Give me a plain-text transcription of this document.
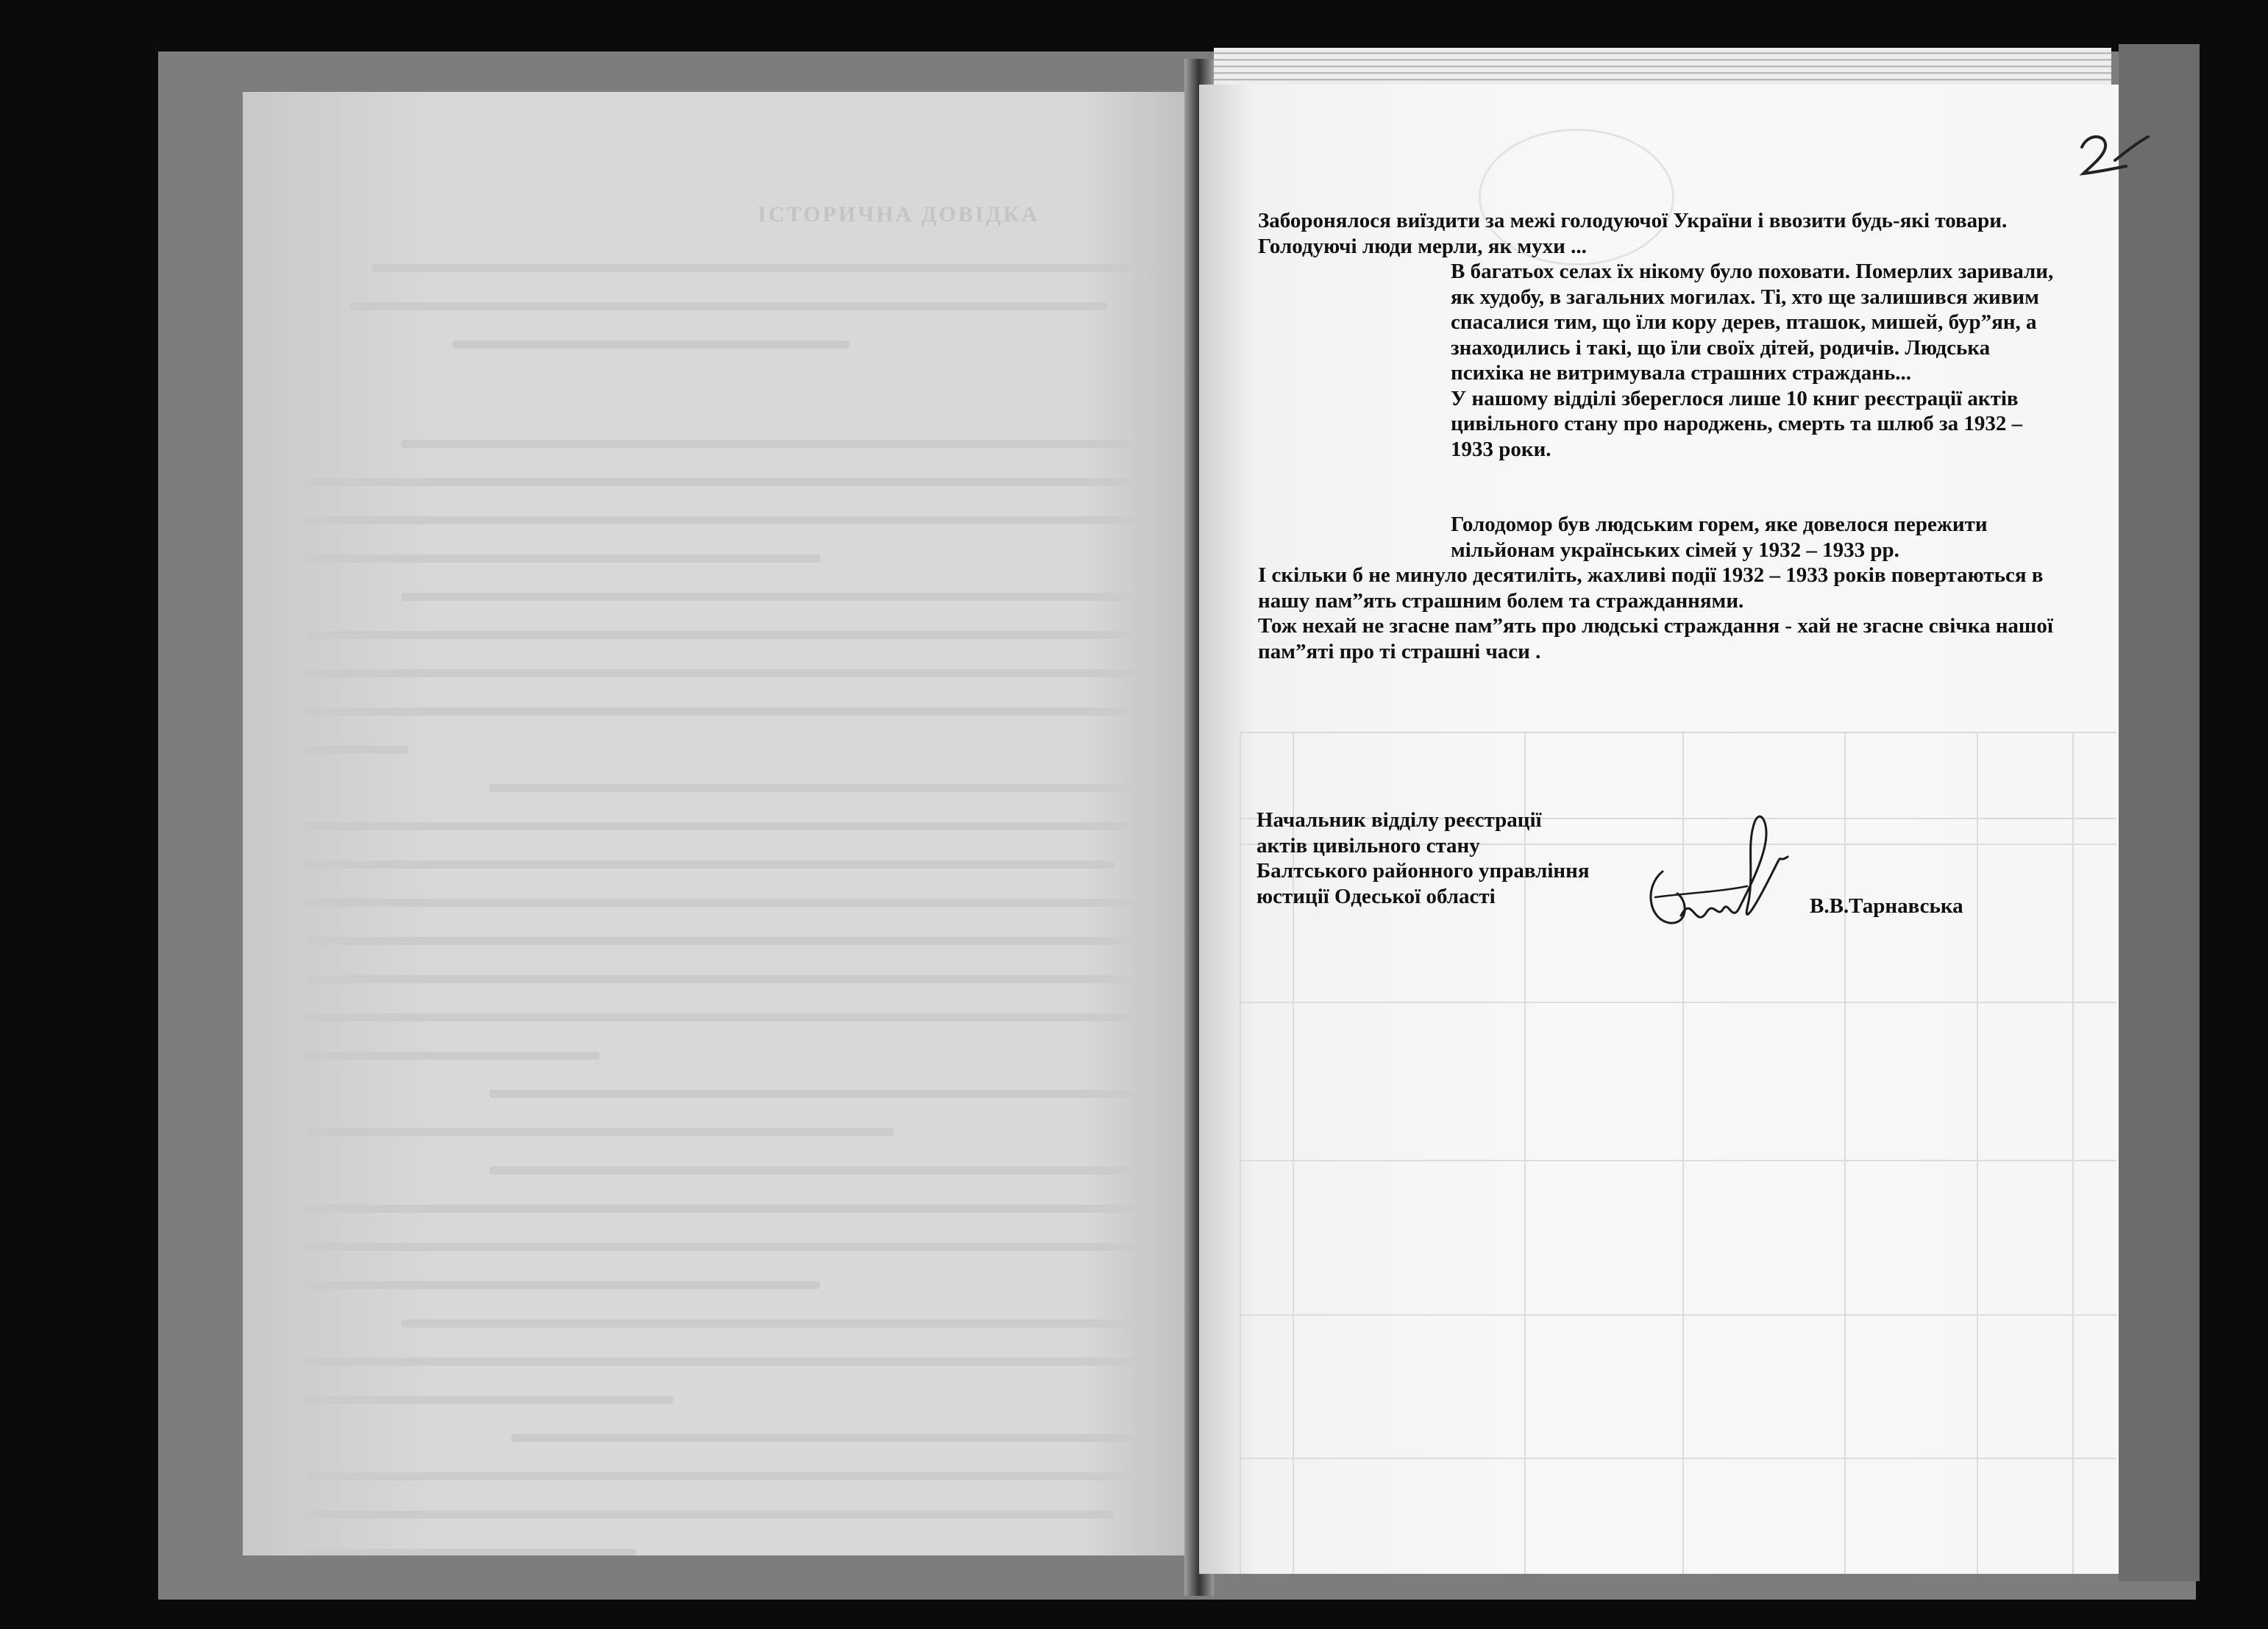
ІСТОРИЧНА ДОВІДКА	Заборонялося виїздити за межі голодуючої України і ввозити будь-які товари. Голодуючі люди мерли, як мухи ...

В багатьох селах їх нікому було поховати. Померлих заривали, як худобу, в загальних могилах. Ті, хто ще залишився живим спасалися тим, що їли кору дерев, пташок, мишей, бур”ян, а знаходились і такі, що їли своїх дітей, родичів. Людська психіка не витримувала страшних страждань...

У нашому відділі збереглося лише 10 книг реєстрації актів цивільного стану про народжень, смерть та шлюб за 1932 – 1933 роки.

Голодомор був людським горем, яке довелося пережити мільйонам українських сімей у 1932 – 1933 рр.

І скільки б не минуло десятиліть, жахливі події 1932 – 1933 років повертаються в нашу пам”ять страшним болем та стражданнями.

Тож нехай не згасне пам”ять про людські страждання - хай не згасне свічка нашої пам”яті про ті страшні часи .

Начальник відділу реєстрації
актів цивільного стану
Балтського районного управління
юстиції Одеської області	В.В.Тарнавська
